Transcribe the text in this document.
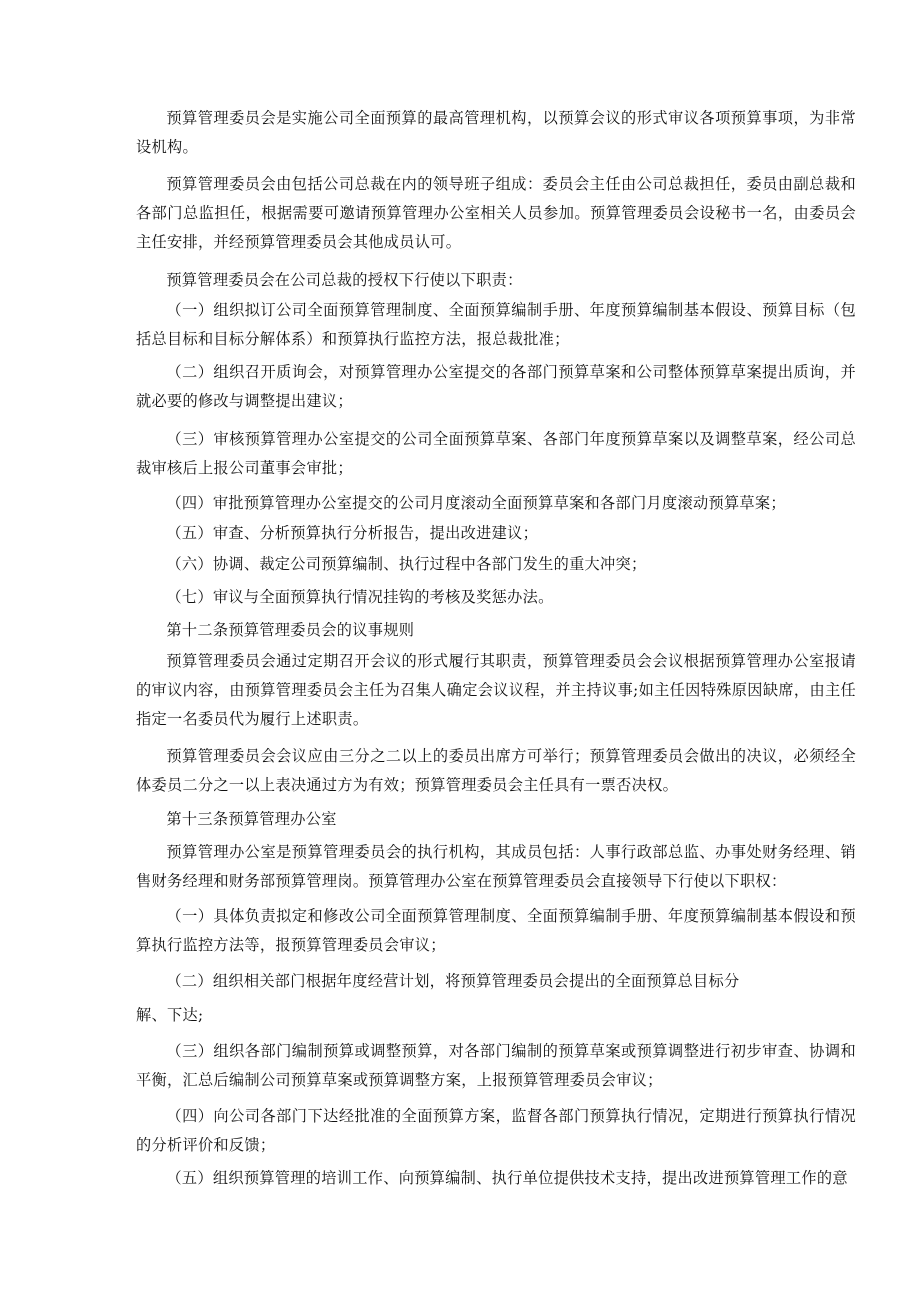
预算管理委员会是实施公司全面预算的最高管理机构，以预算会议的形式审议各项预算事项，为非常设机构。

预算管理委员会由包括公司总裁在内的领导班子组成：委员会主任由公司总裁担任，委员由副总裁和各部门总监担任，根据需要可邀请预算管理办公室相关人员参加。预算管理委员会设秘书一名，由委员会主任安排，并经预算管理委员会其他成员认可。

预算管理委员会在公司总裁的授权下行使以下职责：

（一）组织拟订公司全面预算管理制度、全面预算编制手册、年度预算编制基本假设、预算目标（包括总目标和目标分解体系）和预算执行监控方法，报总裁批准；

（二）组织召开质询会，对预算管理办公室提交的各部门预算草案和公司整体预算草案提出质询，并就必要的修改与调整提出建议；

（三）审核预算管理办公室提交的公司全面预算草案、各部门年度预算草案以及调整草案，经公司总裁审核后上报公司董事会审批；

（四）审批预算管理办公室提交的公司月度滚动全面预算草案和各部门月度滚动预算草案；

（五）审查、分析预算执行分析报告，提出改进建议；

（六）协调、裁定公司预算编制、执行过程中各部门发生的重大冲突；

（七）审议与全面预算执行情况挂钩的考核及奖惩办法。

第十二条预算管理委员会的议事规则

预算管理委员会通过定期召开会议的形式履行其职责，预算管理委员会会议根据预算管理办公室报请的审议内容，由预算管理委员会主任为召集人确定会议议程，并主持议事;如主任因特殊原因缺席，由主任指定一名委员代为履行上述职责。

预算管理委员会会议应由三分之二以上的委员出席方可举行；预算管理委员会做出的决议，必须经全体委员二分之一以上表决通过方为有效；预算管理委员会主任具有一票否决权。

第十三条预算管理办公室

预算管理办公室是预算管理委员会的执行机构，其成员包括：人事行政部总监、办事处财务经理、销售财务经理和财务部预算管理岗。预算管理办公室在预算管理委员会直接领导下行使以下职权：

（一）具体负责拟定和修改公司全面预算管理制度、全面预算编制手册、年度预算编制基本假设和预算执行监控方法等，报预算管理委员会审议；

（二）组织相关部门根据年度经营计划，将预算管理委员会提出的全面预算总目标分

解、下达;

（三）组织各部门编制预算或调整预算，对各部门编制的预算草案或预算调整进行初步审查、协调和平衡，汇总后编制公司预算草案或预算调整方案，上报预算管理委员会审议；

（四）向公司各部门下达经批准的全面预算方案，监督各部门预算执行情况，定期进行预算执行情况的分析评价和反馈；

（五）组织预算管理的培训工作、向预算编制、执行单位提供技术支持，提出改进预算管理工作的意
